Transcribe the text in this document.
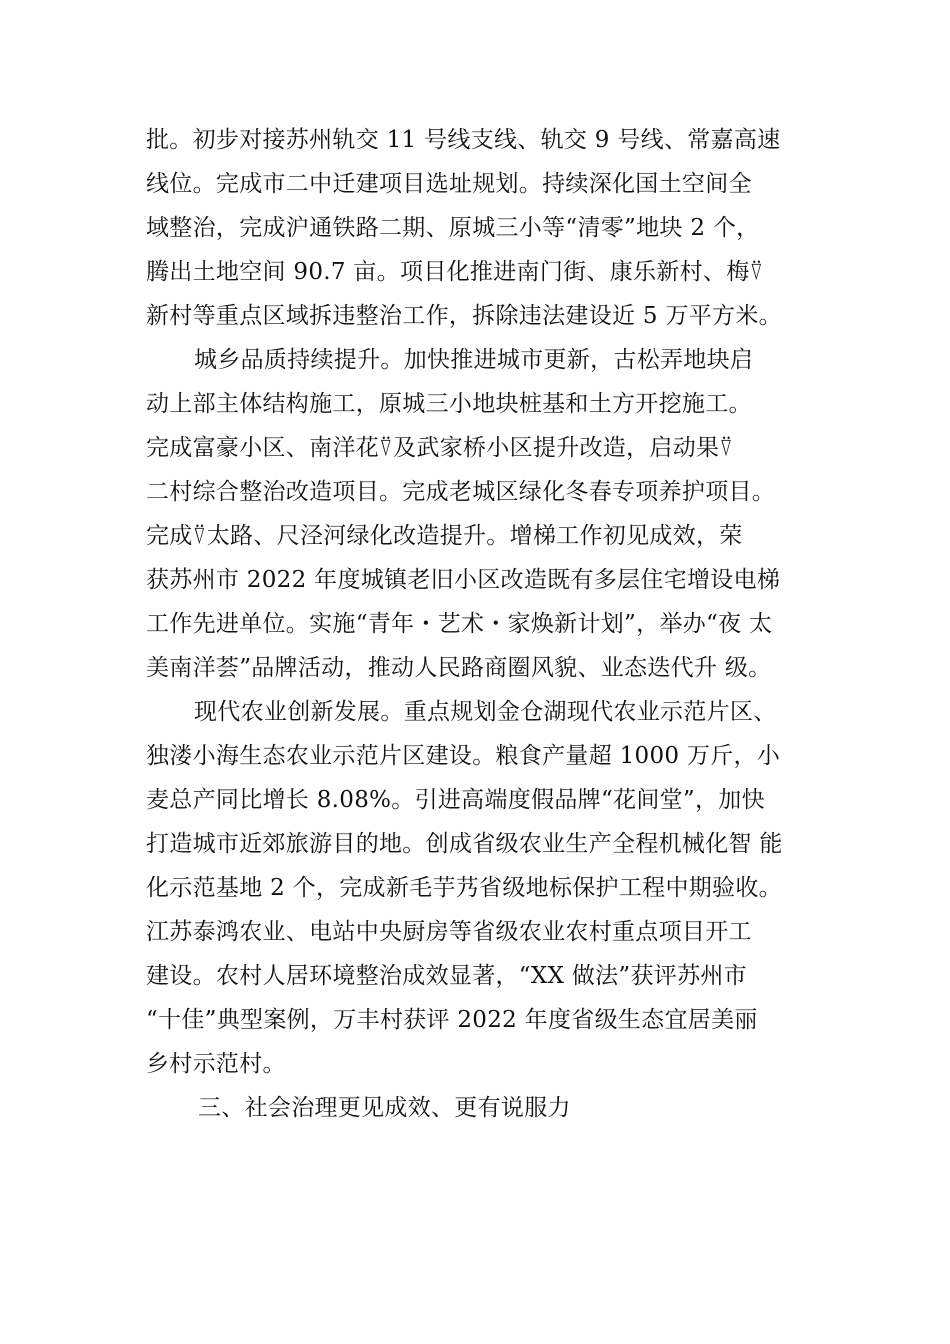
批。初步对接苏州轨交 11 号线支线、轨交 9 号线、常嘉高速
线位。完成市二中迁建项目选址规划。持续深化国土空间全
域整治，完成沪通铁路二期、原城三小等“清零”地块 2 个，
腾出土地空间 90.7 亩。项目化推进南门街、康乐新村、梅⍢
新村等重点区域拆违整治工作，拆除违法建设近 5 万平方米。
城乡品质持续提升。加快推进城市更新，古松弄地块启
动上部主体结构施工，原城三小地块桩基和土方开挖施工。
完成富豪小区、南洋花⍢及武家桥小区提升改造，启动果⍢
二村综合整治改造项目。完成老城区绿化冬春专项养护项目。
完成⍢太路、尺泾河绿化改造提升。增梯工作初见成效，荣
获苏州市 2022 年度城镇老旧小区改造既有多层住宅增设电梯
工作先进单位。实施“青年・艺术・家焕新计划”，举办“夜 太
美南洋荟”品牌活动，推动人民路商圈风貌、业态迭代升 级。
现代农业创新发展。重点规划金仓湖现代农业示范片区、
独溇小海生态农业示范片区建设。粮食产量超 1000 万斤，小
麦总产同比增长 8.08%。引进高端度假品牌“花间堂”，加快
打造城市近郊旅游目的地。创成省级农业生产全程机械化智 能
化示范基地 2 个，完成新毛芋艿省级地标保护工程中期验收。
江苏泰鸿农业、电站中央厨房等省级农业农村重点项目开工
建设。农村人居环境整治成效显著，“XX 做法”获评苏州市
“十佳”典型案例，万丰村获评 2022 年度省级生态宜居美丽
乡村示范村。
三、社会治理更见成效、更有说服力
